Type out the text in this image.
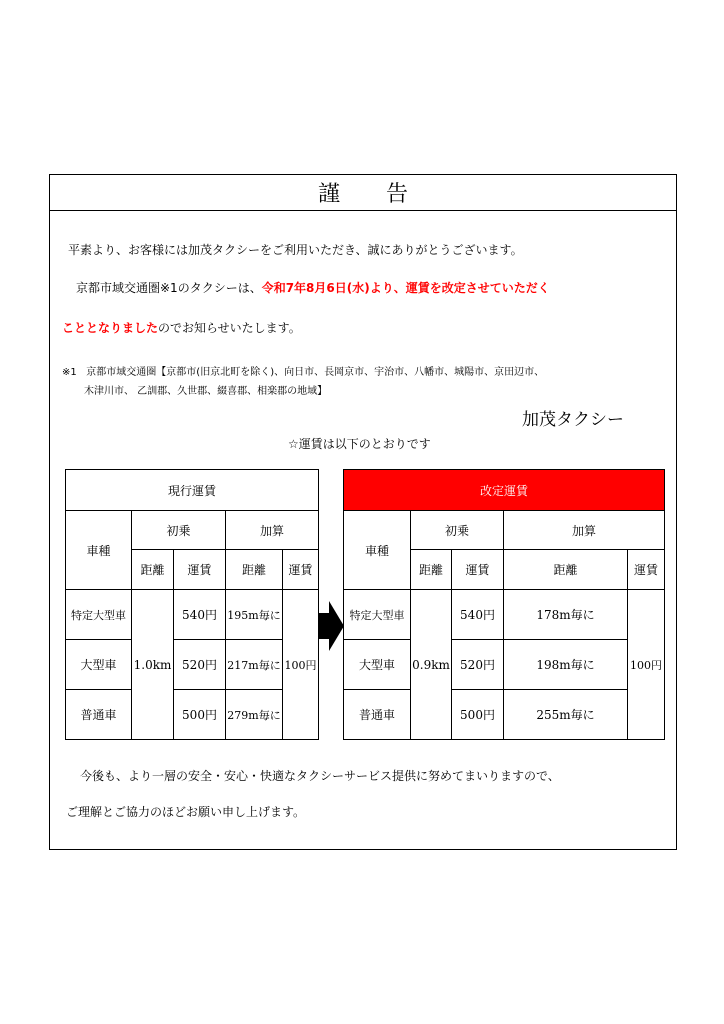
謹告
平素より、お客様には加茂タクシーをご利用いただき、誠にありがとうございます。
京都市域交通圏※1のタクシーは、令和7年8月6日(水)より、運賃を改定させていただく
こととなりましたのでお知らせいたします。
※1 京都市域交通圏【京都市(旧京北町を除く)、向日市、長岡京市、宇治市、八幡市、城陽市、京田辺市、
木津川市、 乙訓郡、久世郡、綴喜郡、相楽郡の地域】
加茂タクシー
☆運賃は以下のとおりです
現行運賃				
車種	初乗		加算	
	距離	運賃	距離	運賃
特定大型車	1.0km	540円	195m毎に	100円
大型車		520円	217m毎に	
普通車		500円	279m毎に	
改定運賃				
車種	初乗		加算	
	距離	運賃	距離	運賃
特定大型車	0.9km	540円	178m毎に	100円
大型車		520円	198m毎に	
普通車		500円	255m毎に	
今後も、より一層の安全・安心・快適なタクシーサービス提供に努めてまいりますので、
ご理解とご協力のほどお願い申し上げます。
